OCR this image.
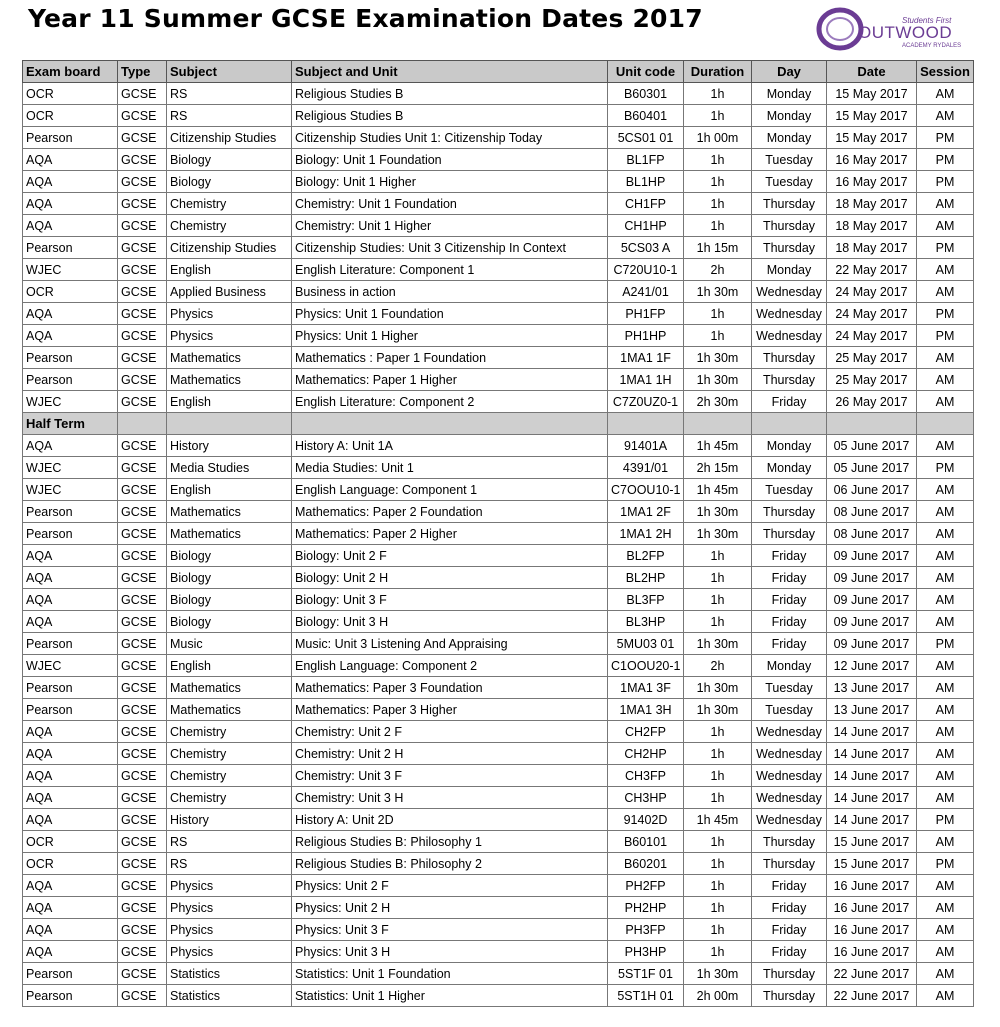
Year 11 Summer GCSE Examination Dates 2017	Students First
OUTWOOD
ACADEMY RYDALES
Exam board	Type	Subject	Subject and Unit	Unit code	Duration	Day	Date	Session
OCR	GCSE	RS	Religious Studies B	B60301	1h	Monday	15 May 2017	AM
OCR	GCSE	RS	Religious Studies B	B60401	1h	Monday	15 May 2017	AM
Pearson	GCSE	Citizenship Studies	Citizenship Studies Unit 1: Citizenship Today	5CS01 01	1h 00m	Monday	15 May 2017	PM
AQA	GCSE	Biology	Biology: Unit 1 Foundation	BL1FP	1h	Tuesday	16 May 2017	PM
AQA	GCSE	Biology	Biology: Unit 1 Higher	BL1HP	1h	Tuesday	16 May 2017	PM
AQA	GCSE	Chemistry	Chemistry: Unit 1 Foundation	CH1FP	1h	Thursday	18 May 2017	AM
AQA	GCSE	Chemistry	Chemistry: Unit 1 Higher	CH1HP	1h	Thursday	18 May 2017	AM
Pearson	GCSE	Citizenship Studies	Citizenship Studies: Unit 3 Citizenship In Context	5CS03 A	1h 15m	Thursday	18 May 2017	PM
WJEC	GCSE	English	English Literature: Component 1	C720U10-1	2h	Monday	22 May 2017	AM
OCR	GCSE	Applied Business	Business in action	A241/01	1h 30m	Wednesday	24 May 2017	AM
AQA	GCSE	Physics	Physics: Unit 1 Foundation	PH1FP	1h	Wednesday	24 May 2017	PM
AQA	GCSE	Physics	Physics: Unit 1 Higher	PH1HP	1h	Wednesday	24 May 2017	PM
Pearson	GCSE	Mathematics	Mathematics : Paper 1 Foundation	1MA1 1F	1h 30m	Thursday	25 May 2017	AM
Pearson	GCSE	Mathematics	Mathematics: Paper 1 Higher	1MA1 1H	1h 30m	Thursday	25 May 2017	AM
WJEC	GCSE	English	English Literature: Component 2	C7Z0UZ0-1	2h 30m	Friday	26 May 2017	AM
Half Term								
AQA	GCSE	History	History A: Unit 1A	91401A	1h 45m	Monday	05 June 2017	AM
WJEC	GCSE	Media Studies	Media Studies: Unit 1	4391/01	2h 15m	Monday	05 June 2017	PM
WJEC	GCSE	English	English Language: Component 1	C7OOU10-1	1h 45m	Tuesday	06 June 2017	AM
Pearson	GCSE	Mathematics	Mathematics: Paper 2 Foundation	1MA1 2F	1h 30m	Thursday	08 June 2017	AM
Pearson	GCSE	Mathematics	Mathematics: Paper 2 Higher	1MA1 2H	1h 30m	Thursday	08 June 2017	AM
AQA	GCSE	Biology	Biology: Unit 2 F	BL2FP	1h	Friday	09 June 2017	AM
AQA	GCSE	Biology	Biology: Unit 2 H	BL2HP	1h	Friday	09 June 2017	AM
AQA	GCSE	Biology	Biology: Unit 3 F	BL3FP	1h	Friday	09 June 2017	AM
AQA	GCSE	Biology	Biology: Unit 3 H	BL3HP	1h	Friday	09 June 2017	AM
Pearson	GCSE	Music	Music: Unit 3 Listening And Appraising	5MU03 01	1h 30m	Friday	09 June 2017	PM
WJEC	GCSE	English	English Language: Component 2	C1OOU20-1	2h	Monday	12 June 2017	AM
Pearson	GCSE	Mathematics	Mathematics: Paper 3 Foundation	1MA1 3F	1h 30m	Tuesday	13 June 2017	AM
Pearson	GCSE	Mathematics	Mathematics: Paper 3 Higher	1MA1 3H	1h 30m	Tuesday	13 June 2017	AM
AQA	GCSE	Chemistry	Chemistry: Unit 2 F	CH2FP	1h	Wednesday	14 June 2017	AM
AQA	GCSE	Chemistry	Chemistry: Unit 2 H	CH2HP	1h	Wednesday	14 June 2017	AM
AQA	GCSE	Chemistry	Chemistry: Unit 3 F	CH3FP	1h	Wednesday	14 June 2017	AM
AQA	GCSE	Chemistry	Chemistry: Unit 3 H	CH3HP	1h	Wednesday	14 June 2017	AM
AQA	GCSE	History	History A: Unit 2D	91402D	1h 45m	Wednesday	14 June 2017	PM
OCR	GCSE	RS	Religious Studies B: Philosophy 1	B60101	1h	Thursday	15 June 2017	AM
OCR	GCSE	RS	Religious Studies B: Philosophy 2	B60201	1h	Thursday	15 June 2017	PM
AQA	GCSE	Physics	Physics: Unit 2 F	PH2FP	1h	Friday	16 June 2017	AM
AQA	GCSE	Physics	Physics: Unit 2 H	PH2HP	1h	Friday	16 June 2017	AM
AQA	GCSE	Physics	Physics: Unit 3 F	PH3FP	1h	Friday	16 June 2017	AM
AQA	GCSE	Physics	Physics: Unit 3 H	PH3HP	1h	Friday	16 June 2017	AM
Pearson	GCSE	Statistics	Statistics: Unit 1 Foundation	5ST1F 01	1h 30m	Thursday	22 June 2017	AM
Pearson	GCSE	Statistics	Statistics: Unit 1 Higher	5ST1H 01	2h 00m	Thursday	22 June 2017	AM
